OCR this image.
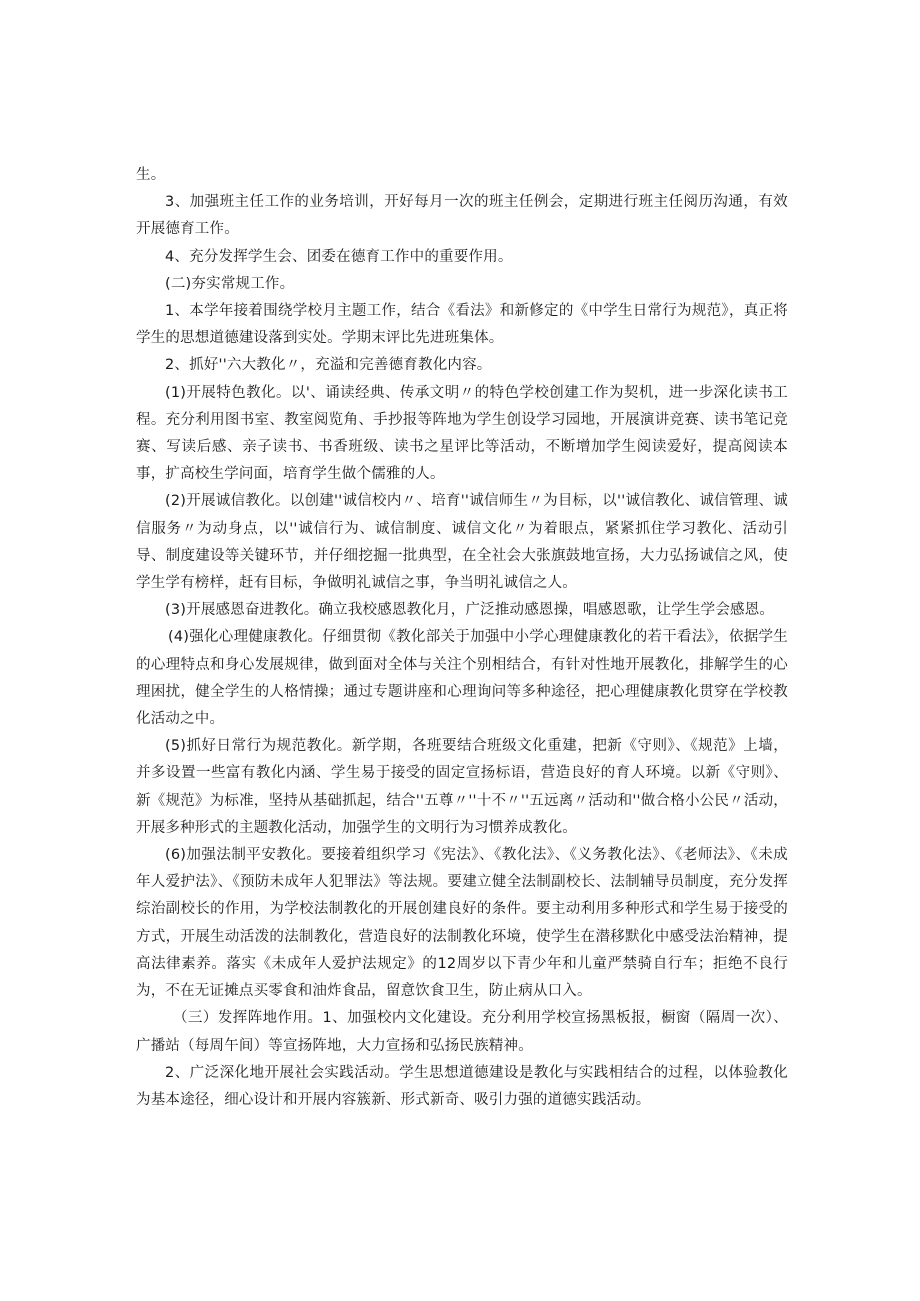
生。

3、加强班主任工作的业务培训，开好每月一次的班主任例会，定期进行班主任阅历沟通，有效开展德育工作。

4、充分发挥学生会、团委在德育工作中的重要作用。

(二)夯实常规工作。

1、本学年接着围绕学校月主题工作，结合《看法》和新修定的《中学生日常行为规范》，真正将学生的思想道德建设落到实处。学期末评比先进班集体。

2、抓好''六大教化〃，充溢和完善德育教化内容。

(1)开展特色教化。以'、诵读经典、传承文明〃的特色学校创建工作为契机，进一步深化读书工程。充分利用图书室、教室阅览角、手抄报等阵地为学生创设学习园地，开展演讲竞赛、读书笔记竞赛、写读后感、亲子读书、书香班级、读书之星评比等活动，不断增加学生阅读爱好，提高阅读本事，扩高校生学问面，培育学生做个儒雅的人。

(2)开展诚信教化。以创建''诚信校内〃、培育''诚信师生〃为目标，以''诚信教化、诚信管理、诚信服务〃为动身点，以''诚信行为、诚信制度、诚信文化〃为着眼点，紧紧抓住学习教化、活动引导、制度建设等关键环节，并仔细挖掘一批典型，在全社会大张旗鼓地宣扬，大力弘扬诚信之风，使学生学有榜样，赶有目标，争做明礼诚信之事，争当明礼诚信之人。

(3)开展感恩奋进教化。确立我校感恩教化月，广泛推动感恩操，唱感恩歌，让学生学会感恩。

(4)强化心理健康教化。仔细贯彻《教化部关于加强中小学心理健康教化的若干看法》，依据学生的心理特点和身心发展规律，做到面对全体与关注个别相结合，有针对性地开展教化，排解学生的心理困扰，健全学生的人格情操；通过专题讲座和心理询问等多种途径，把心理健康教化贯穿在学校教化活动之中。

(5)抓好日常行为规范教化。新学期，各班要结合班级文化重建，把新《守则》、《规范》上墙，并多设置一些富有教化内涵、学生易于接受的固定宣扬标语，营造良好的育人环境。以新《守则》、新《规范》为标准，坚持从基础抓起，结合''五尊〃''十不〃''五远离〃活动和''做合格小公民〃活动，开展多种形式的主题教化活动，加强学生的文明行为习惯养成教化。

(6)加强法制平安教化。要接着组织学习《宪法》、《教化法》、《义务教化法》、《老师法》、《未成年人爱护法》、《预防未成年人犯罪法》等法规。要建立健全法制副校长、法制辅导员制度，充分发挥综治副校长的作用，为学校法制教化的开展创建良好的条件。要主动利用多种形式和学生易于接受的方式，开展生动活泼的法制教化，营造良好的法制教化环境，使学生在潜移默化中感受法治精神，提高法律素养。落实《未成年人爱护法规定》的12周岁以下青少年和儿童严禁骑自行车；拒绝不良行为，不在无证摊点买零食和油炸食品，留意饮食卫生，防止病从口入。

（三）发挥阵地作用。1、加强校内文化建设。充分利用学校宣扬黑板报，橱窗（隔周一次）、广播站（每周午间）等宣扬阵地，大力宣扬和弘扬民族精神。

2、广泛深化地开展社会实践活动。学生思想道德建设是教化与实践相结合的过程，以体验教化为基本途径，细心设计和开展内容簇新、形式新奇、吸引力强的道德实践活动。
